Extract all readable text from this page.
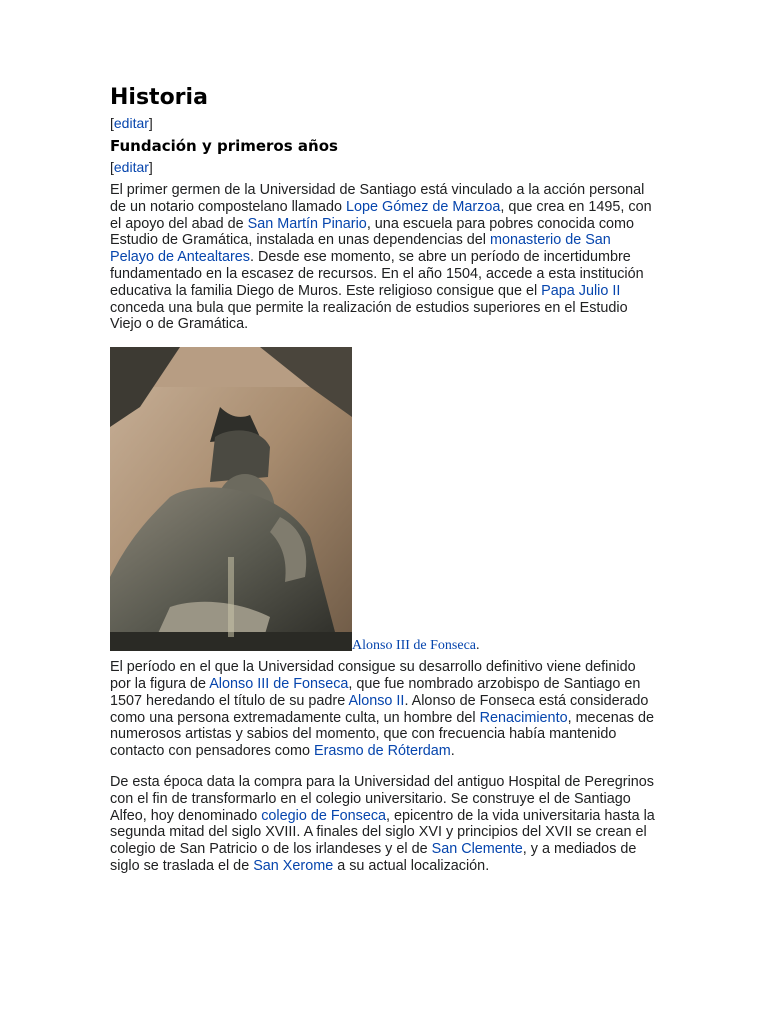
Historia
[editar]
Fundación y primeros años
[editar]

El primer germen de la Universidad de Santiago está vinculado a la acción personal de un notario compostelano llamado Lope Gómez de Marzoa, que crea en 1495, con el apoyo del abad de San Martín Pinario, una escuela para pobres conocida como Estudio de Gramática, instalada en unas dependencias del monasterio de San Pelayo de Antealtares. Desde ese momento, se abre un período de incertidumbre fundamentado en la escasez de recursos. En el año 1504, accede a esta institución educativa la familia Diego de Muros. Este religioso consigue que el Papa Julio II conceda una bula que permite la realización de estudios superiores en el Estudio Viejo o de Gramática.

Alonso III de Fonseca.

El período en el que la Universidad consigue su desarrollo definitivo viene definido por la figura de Alonso III de Fonseca, que fue nombrado arzobispo de Santiago en 1507 heredando el título de su padre Alonso II. Alonso de Fonseca está considerado como una persona extremadamente culta, un hombre del Renacimiento, mecenas de numerosos artistas y sabios del momento, que con frecuencia había mantenido contacto con pensadores como Erasmo de Róterdam.

De esta época data la compra para la Universidad del antiguo Hospital de Peregrinos con el fin de transformarlo en el colegio universitario. Se construye el de Santiago Alfeo, hoy denominado colegio de Fonseca, epicentro de la vida universitaria hasta la segunda mitad del siglo XVIII. A finales del siglo XVI y principios del XVII se crean el colegio de San Patricio o de los irlandeses y el de San Clemente, y a mediados de siglo se traslada el de San Xerome a su actual localización.
